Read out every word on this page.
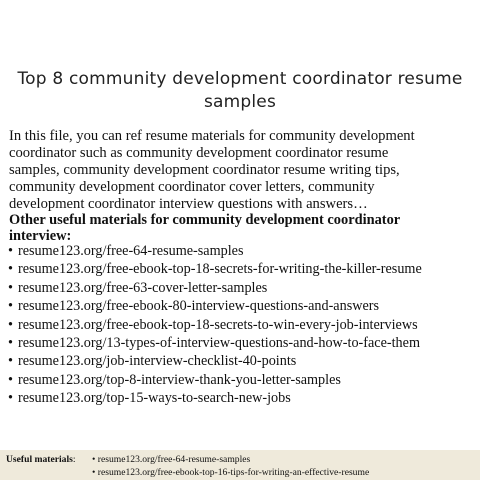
Top 8 community development coordinator resume
samples
In this file, you can ref resume materials for community development
coordinator such as community development coordinator resume
samples, community development coordinator resume writing tips,
community development coordinator cover letters, community
development coordinator interview questions with answers…
Other useful materials for community development coordinator
interview:
• resume123.org/free-64-resume-samples
• resume123.org/free-ebook-top-18-secrets-for-writing-the-killer-resume
• resume123.org/free-63-cover-letter-samples
• resume123.org/free-ebook-80-interview-questions-and-answers
• resume123.org/free-ebook-top-18-secrets-to-win-every-job-interviews
• resume123.org/13-types-of-interview-questions-and-how-to-face-them
• resume123.org/job-interview-checklist-40-points
• resume123.org/top-8-interview-thank-you-letter-samples
• resume123.org/top-15-ways-to-search-new-jobs
Useful materials: • resume123.org/free-64-resume-samples
• resume123.org/free-ebook-top-16-tips-for-writing-an-effective-resume
